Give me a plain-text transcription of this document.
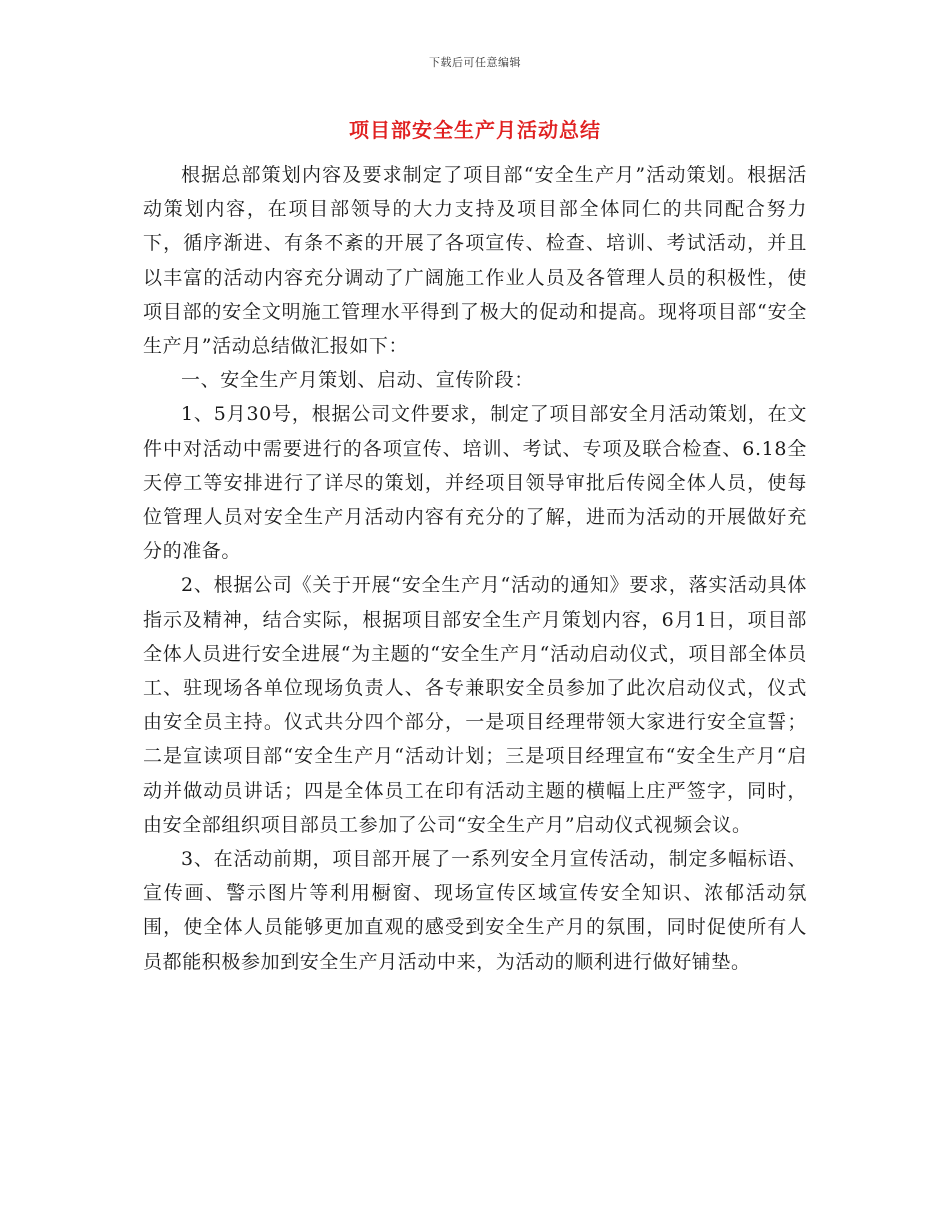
下载后可任意编辑
项目部安全生产月活动总结

根据总部策划内容及要求制定了项目部“安全生产月”活动策划。根据活动策划内容，在项目部领导的大力支持及项目部全体同仁的共同配合努力下，循序渐进、有条不紊的开展了各项宣传、检查、培训、考试活动，并且以丰富的活动内容充分调动了广阔施工作业人员及各管理人员的积极性，使项目部的安全文明施工管理水平得到了极大的促动和提高。现将项目部“安全生产月”活动总结做汇报如下：

一、安全生产月策划、启动、宣传阶段：

1、5月30号，根据公司文件要求，制定了项目部安全月活动策划，在文件中对活动中需要进行的各项宣传、培训、考试、专项及联合检查、6.18全天停工等安排进行了详尽的策划，并经项目领导审批后传阅全体人员，使每位管理人员对安全生产月活动内容有充分的了解，进而为活动的开展做好充分的准备。

2、根据公司《关于开展“安全生产月“活动的通知》要求，落实活动具体指示及精神，结合实际，根据项目部安全生产月策划内容，6月1日，项目部全体人员进行安全进展“为主题的“安全生产月“活动启动仪式，项目部全体员工、驻现场各单位现场负责人、各专兼职安全员参加了此次启动仪式，仪式由安全员主持。仪式共分四个部分，一是项目经理带领大家进行安全宣誓；二是宣读项目部“安全生产月“活动计划；三是项目经理宣布“安全生产月“启动并做动员讲话；四是全体员工在印有活动主题的横幅上庄严签字，同时，由安全部组织项目部员工参加了公司“安全生产月”启动仪式视频会议。

3、在活动前期，项目部开展了一系列安全月宣传活动，制定多幅标语、宣传画、警示图片等利用橱窗、现场宣传区域宣传安全知识、浓郁活动氛围，使全体人员能够更加直观的感受到安全生产月的氛围，同时促使所有人员都能积极参加到安全生产月活动中来，为活动的顺利进行做好铺垫。
